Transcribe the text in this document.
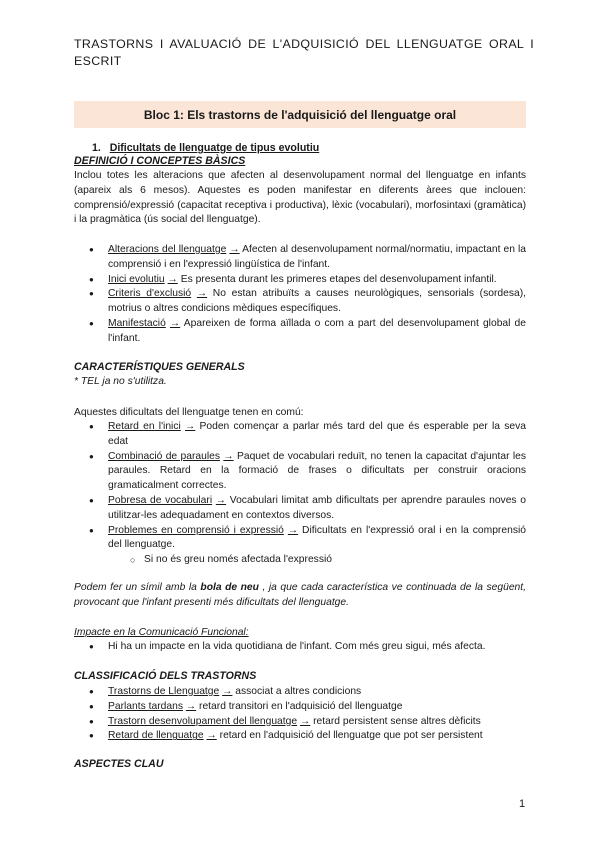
TRASTORNS I AVALUACIÓ DE L'ADQUISICIÓ DEL LLENGUATGE ORAL I ESCRIT
Bloc 1: Els trastorns de l'adquisició del llenguatge oral
1. Dificultats de llenguatge de tipus evolutiu
DEFINICIÓ I CONCEPTES BÀSICS
Inclou totes les alteracions que afecten al desenvolupament normal del llenguatge en infants (apareix als 6 mesos). Aquestes es poden manifestar en diferents àrees que inclouen: comprensió/expressió (capacitat receptiva i productiva), lèxic (vocabulari), morfosintaxi (gramàtica) i la pragmàtica (ús social del llenguatge).
● Alteracions del llenguatge → Afecten al desenvolupament normal/normatiu, impactant en la comprensió i en l'expressió lingüística de l'infant.
● Inici evolutiu → Es presenta durant les primeres etapes del desenvolupament infantil.
● Criteris d'exclusió → No estan atribuïts a causes neurològiques, sensorials (sordesa), motrius o altres condicions mèdiques específiques.
● Manifestació → Apareixen de forma aïllada o com a part del desenvolupament global de l'infant.
CARACTERÍSTIQUES GENERALS
* TEL ja no s'utilitza.
Aquestes dificultats del llenguatge tenen en comú:
● Retard en l'inici → Poden començar a parlar més tard del que és esperable per la seva edat
● Combinació de paraules → Paquet de vocabulari reduït, no tenen la capacitat d'ajuntar les paraules. Retard en la formació de frases o dificultats per construir oracions gramaticalment correctes.
● Pobresa de vocabulari → Vocabulari limitat amb dificultats per aprendre paraules noves o utilitzar-les adequadament en contextos diversos.
● Problemes en comprensió i expressió → Dificultats en l'expressió oral i en la comprensió del llenguatge.
○ Si no és greu només afectada l'expressió
Podem fer un símil amb la bola de neu , ja que cada característica ve continuada de la següent, provocant que l'infant presenti més dificultats del llenguatge.
Impacte en la Comunicació Funcional:
● Hi ha un impacte en la vida quotidiana de l'infant. Com més greu sigui, més afecta.
CLASSIFICACIÓ DELS TRASTORNS
● Trastorns de Llenguatge → associat a altres condicions
● Parlants tardans → retard transitori en l'adquisició del llenguatge
● Trastorn desenvolupament del llenguatge → retard persistent sense altres dèficits
● Retard de llenguatge → retard en l'adquisició del llenguatge que pot ser persistent
ASPECTES CLAU
1
